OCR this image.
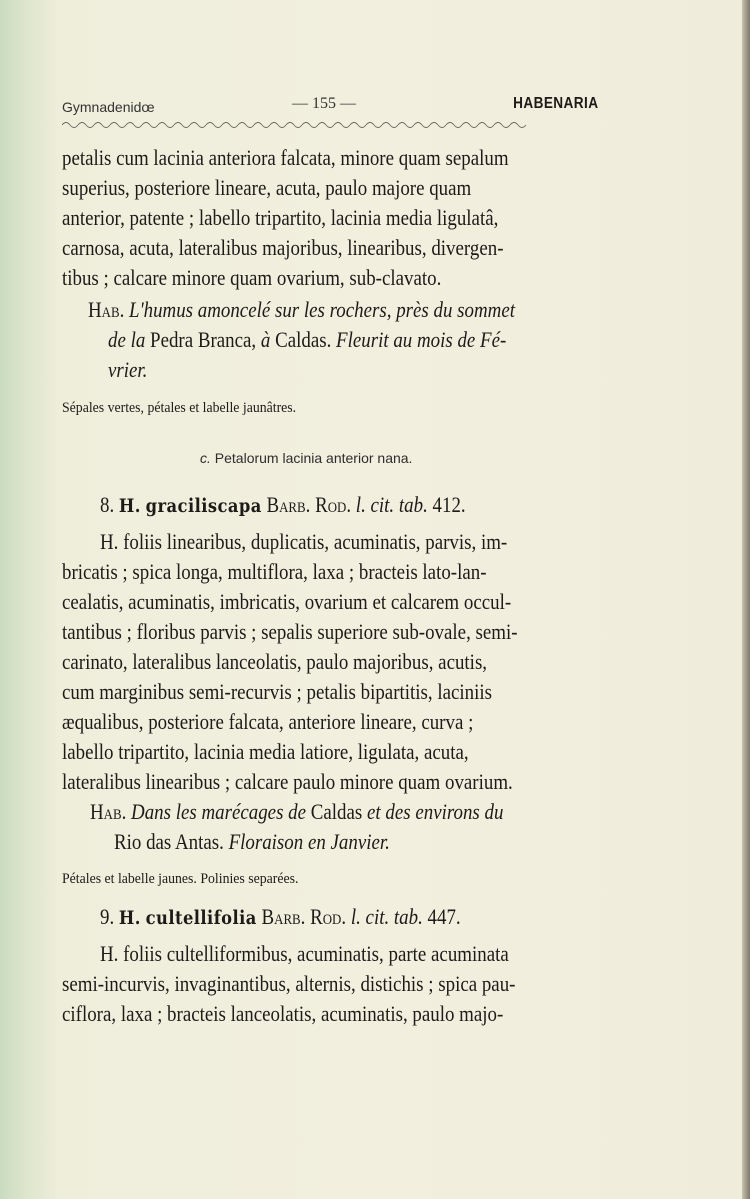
Gymnadenidœ	— 155 —	HABENARIA
petalis cum lacinia anteriora falcata, minore quam sepalum
superius, posteriore lineare, acuta, paulo majore quam
anterior, patente ; labello tripartito, lacinia media ligulatâ,
carnosa, acuta, lateralibus majoribus, linearibus, divergen-
tibus ; calcare minore quam ovarium, sub-clavato.
Hab. L'humus amoncelé sur les rochers, près du sommet
de la Pedra Branca, à Caldas. Fleurit au mois de Fé-
vrier.
Sépales vertes, pétales et labelle jaunâtres.
c. Petalorum lacinia anterior nana.
8. H. graciliscapa Barb. Rod. l. cit. tab. 412.
H. foliis linearibus, duplicatis, acuminatis, parvis, im-
bricatis ; spica longa, multiflora, laxa ; bracteis lato-lan-
cealatis, acuminatis, imbricatis, ovarium et calcarem occul-
tantibus ; floribus parvis ; sepalis superiore sub-ovale, semi-
carinato, lateralibus lanceolatis, paulo majoribus, acutis,
cum marginibus semi-recurvis ; petalis bipartitis, laciniis
æqualibus, posteriore falcata, anteriore lineare, curva ;
labello tripartito, lacinia media latiore, ligulata, acuta,
lateralibus linearibus ; calcare paulo minore quam ovarium.
Hab. Dans les marécages de Caldas et des environs du
Rio das Antas. Floraison en Janvier.
Pétales et labelle jaunes. Polinies separées.
9. H. cultellifolia Barb. Rod. l. cit. tab. 447.
H. foliis cultelliformibus, acuminatis, parte acuminata
semi-incurvis, invaginantibus, alternis, distichis ; spica pau-
ciflora, laxa ; bracteis lanceolatis, acuminatis, paulo majo-
